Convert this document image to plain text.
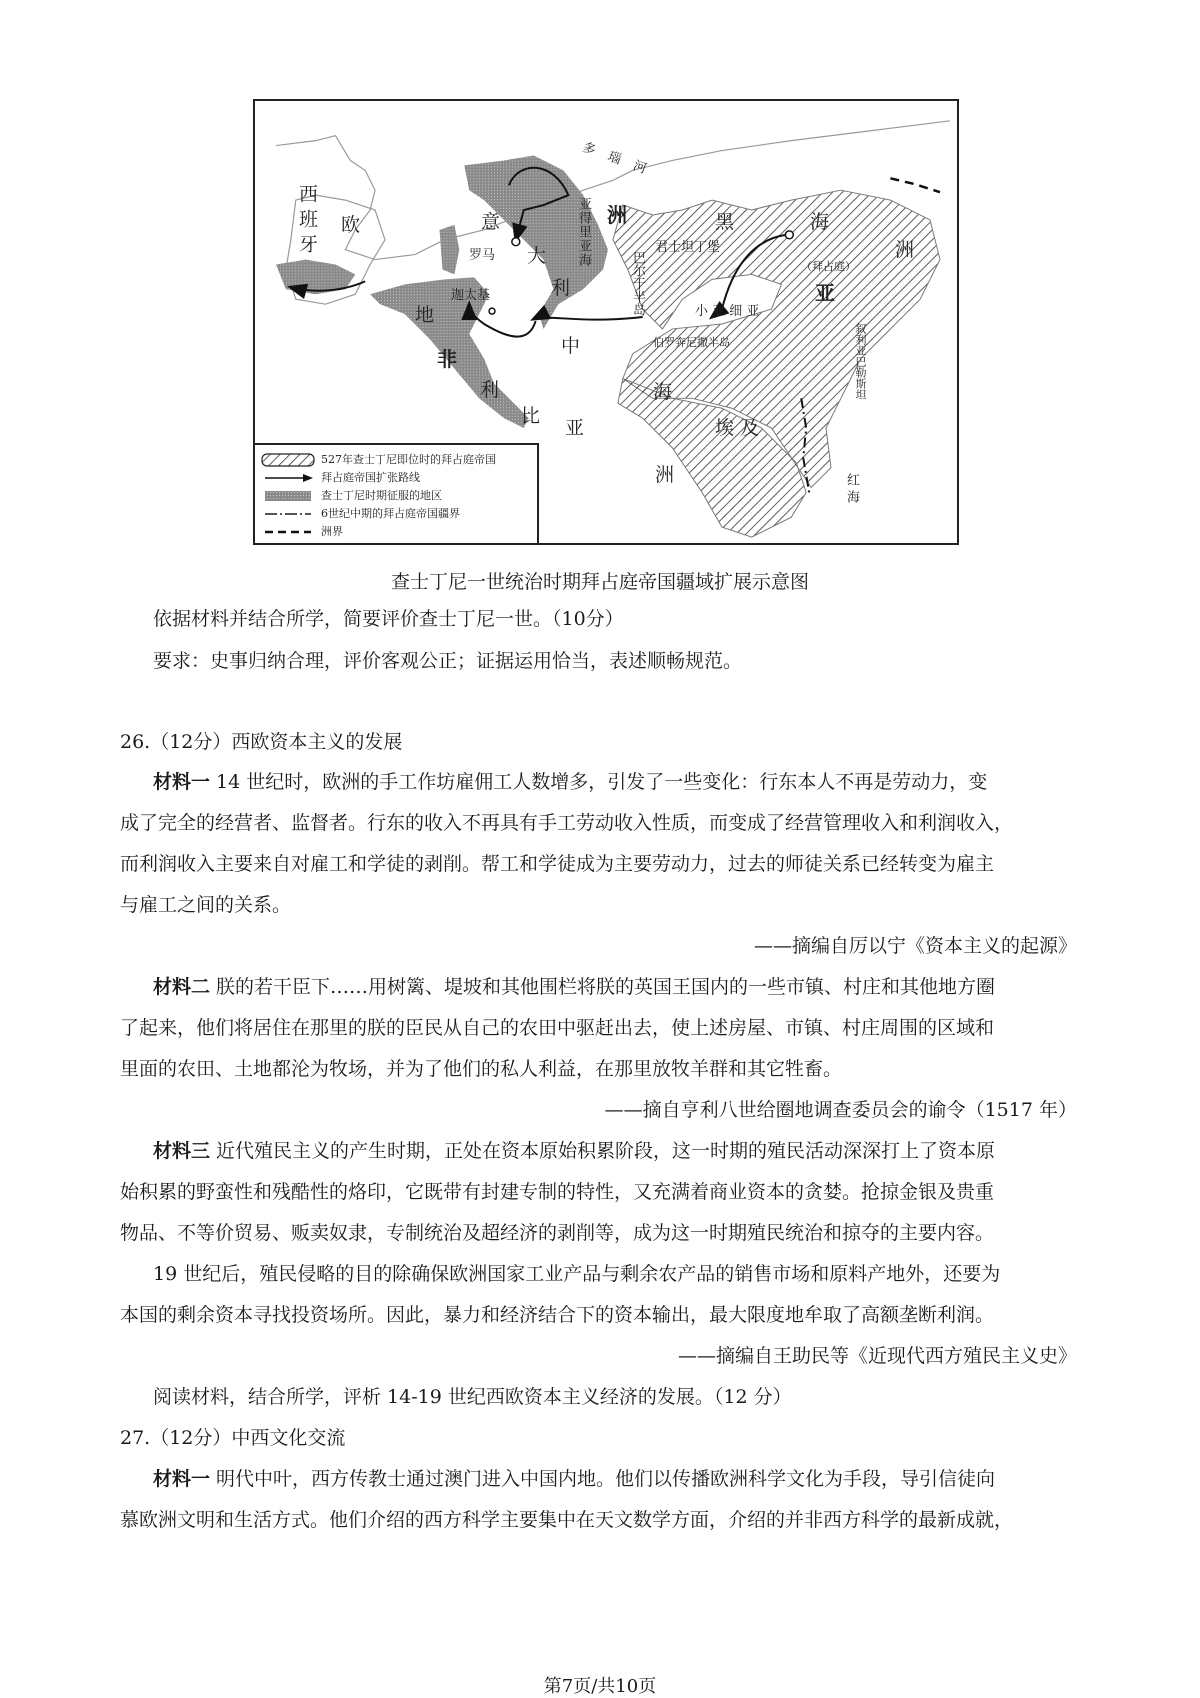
西班牙 欧	洲
意
大
利
罗马	亚得里亚海
多瑙河
黑	海
君士坦丁堡
（拜占庭）
巴尔干半岛	亚
洲
小 亚 细 亚
叙利亚巴勒斯坦
伯罗奔尼撒半岛
迦太基
地
中
海
非
利
比
亚
洲
埃 及
红海
527年查士丁尼即位时的拜占庭帝国
拜占庭帝国扩张路线
查士丁尼时期征服的地区
6世纪中期的拜占庭帝国疆界
洲界
查士丁尼一世统治时期拜占庭帝国疆域扩展示意图
依据材料并结合所学，简要评价查士丁尼一世。（10分）
要求：史事归纳合理，评价客观公正；证据运用恰当，表述顺畅规范。
26.（12分）西欧资本主义的发展
材料一 14 世纪时，欧洲的手工作坊雇佣工人数增多，引发了一些变化：行东本人不再是劳动力，变
成了完全的经营者、监督者。行东的收入不再具有手工劳动收入性质，而变成了经营管理收入和利润收入，
而利润收入主要来自对雇工和学徒的剥削。帮工和学徒成为主要劳动力，过去的师徒关系已经转变为雇主
与雇工之间的关系。
——摘编自厉以宁《资本主义的起源》
材料二 朕的若干臣下……用树篱、堤坡和其他围栏将朕的英国王国内的一些市镇、村庄和其他地方圈
了起来，他们将居住在那里的朕的臣民从自己的农田中驱赶出去，使上述房屋、市镇、村庄周围的区域和
里面的农田、土地都沦为牧场，并为了他们的私人利益，在那里放牧羊群和其它牲畜。
——摘自亨利八世给圈地调查委员会的谕令（1517 年）
材料三 近代殖民主义的产生时期，正处在资本原始积累阶段，这一时期的殖民活动深深打上了资本原
始积累的野蛮性和残酷性的烙印，它既带有封建专制的特性，又充满着商业资本的贪婪。抢掠金银及贵重
物品、不等价贸易、贩卖奴隶，专制统治及超经济的剥削等，成为这一时期殖民统治和掠夺的主要内容。
19 世纪后，殖民侵略的目的除确保欧洲国家工业产品与剩余农产品的销售市场和原料产地外，还要为
本国的剩余资本寻找投资场所。因此，暴力和经济结合下的资本输出，最大限度地牟取了高额垄断利润。
——摘编自王助民等《近现代西方殖民主义史》
阅读材料，结合所学，评析 14-19 世纪西欧资本主义经济的发展。（12 分）
27.（12分）中西文化交流
材料一 明代中叶，西方传教士通过澳门进入中国内地。他们以传播欧洲科学文化为手段，导引信徒向
慕欧洲文明和生活方式。他们介绍的西方科学主要集中在天文数学方面，介绍的并非西方科学的最新成就，
第7页/共10页
